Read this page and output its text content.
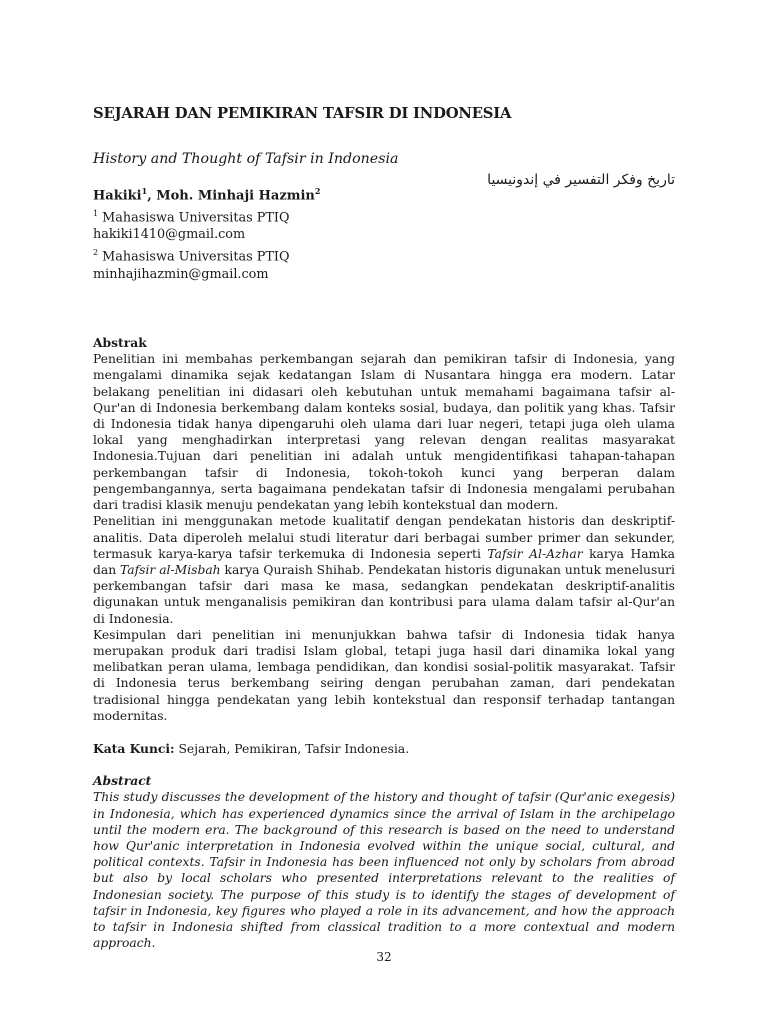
SEJARAH DAN PEMIKIRAN TAFSIR DI INDONESIA
History and Thought of Tafsir in Indonesia
تاريخ وفكر التفسير في إندونيسيا
Hakiki$^1$, Moh. Minhaji Hazmin$^2$
$^1$ Mahasiswa Universitas PTIQ
hakiki1410@gmail.com
$^2$ Mahasiswa Universitas PTIQ
minhajihazmin@gmail.com
Abstrak
Penelitian ini membahas perkembangan sejarah dan pemikiran tafsir di Indonesia, yang mengalami dinamika sejak kedatangan Islam di Nusantara hingga era modern. Latar belakang penelitian ini didasari oleh kebutuhan untuk memahami bagaimana tafsir al-Qur'an di Indonesia berkembang dalam konteks sosial, budaya, dan politik yang khas. Tafsir di Indonesia tidak hanya dipengaruhi oleh ulama dari luar negeri, tetapi juga oleh ulama lokal yang menghadirkan interpretasi yang relevan dengan realitas masyarakat Indonesia.Tujuan dari penelitian ini adalah untuk mengidentifikasi tahapan-tahapan perkembangan tafsir di Indonesia, tokoh-tokoh kunci yang berperan dalam pengembangannya, serta bagaimana pendekatan tafsir di Indonesia mengalami perubahan dari tradisi klasik menuju pendekatan yang lebih kontekstual dan modern.
Penelitian ini menggunakan metode kualitatif dengan pendekatan historis dan deskriptif-analitis. Data diperoleh melalui studi literatur dari berbagai sumber primer dan sekunder, termasuk karya-karya tafsir terkemuka di Indonesia seperti Tafsir Al-Azhar karya Hamka dan Tafsir al-Misbah karya Quraish Shihab. Pendekatan historis digunakan untuk menelusuri perkembangan tafsir dari masa ke masa, sedangkan pendekatan deskriptif-analitis digunakan untuk menganalisis pemikiran dan kontribusi para ulama dalam tafsir al-Qur'an di Indonesia.
Kesimpulan dari penelitian ini menunjukkan bahwa tafsir di Indonesia tidak hanya merupakan produk dari tradisi Islam global, tetapi juga hasil dari dinamika lokal yang melibatkan peran ulama, lembaga pendidikan, dan kondisi sosial-politik masyarakat. Tafsir di Indonesia terus berkembang seiring dengan perubahan zaman, dari pendekatan tradisional hingga pendekatan yang lebih kontekstual dan responsif terhadap tantangan modernitas.
Kata Kunci: Sejarah, Pemikiran, Tafsir Indonesia.
Abstract
This study discusses the development of the history and thought of tafsir (Qur'anic exegesis) in Indonesia, which has experienced dynamics since the arrival of Islam in the archipelago until the modern era. The background of this research is based on the need to understand how Qur'anic interpretation in Indonesia evolved within the unique social, cultural, and political contexts. Tafsir in Indonesia has been influenced not only by scholars from abroad but also by local scholars who presented interpretations relevant to the realities of Indonesian society. The purpose of this study is to identify the stages of development of tafsir in Indonesia, key figures who played a role in its advancement, and how the approach to tafsir in Indonesia shifted from classical tradition to a more contextual and modern approach.
32
